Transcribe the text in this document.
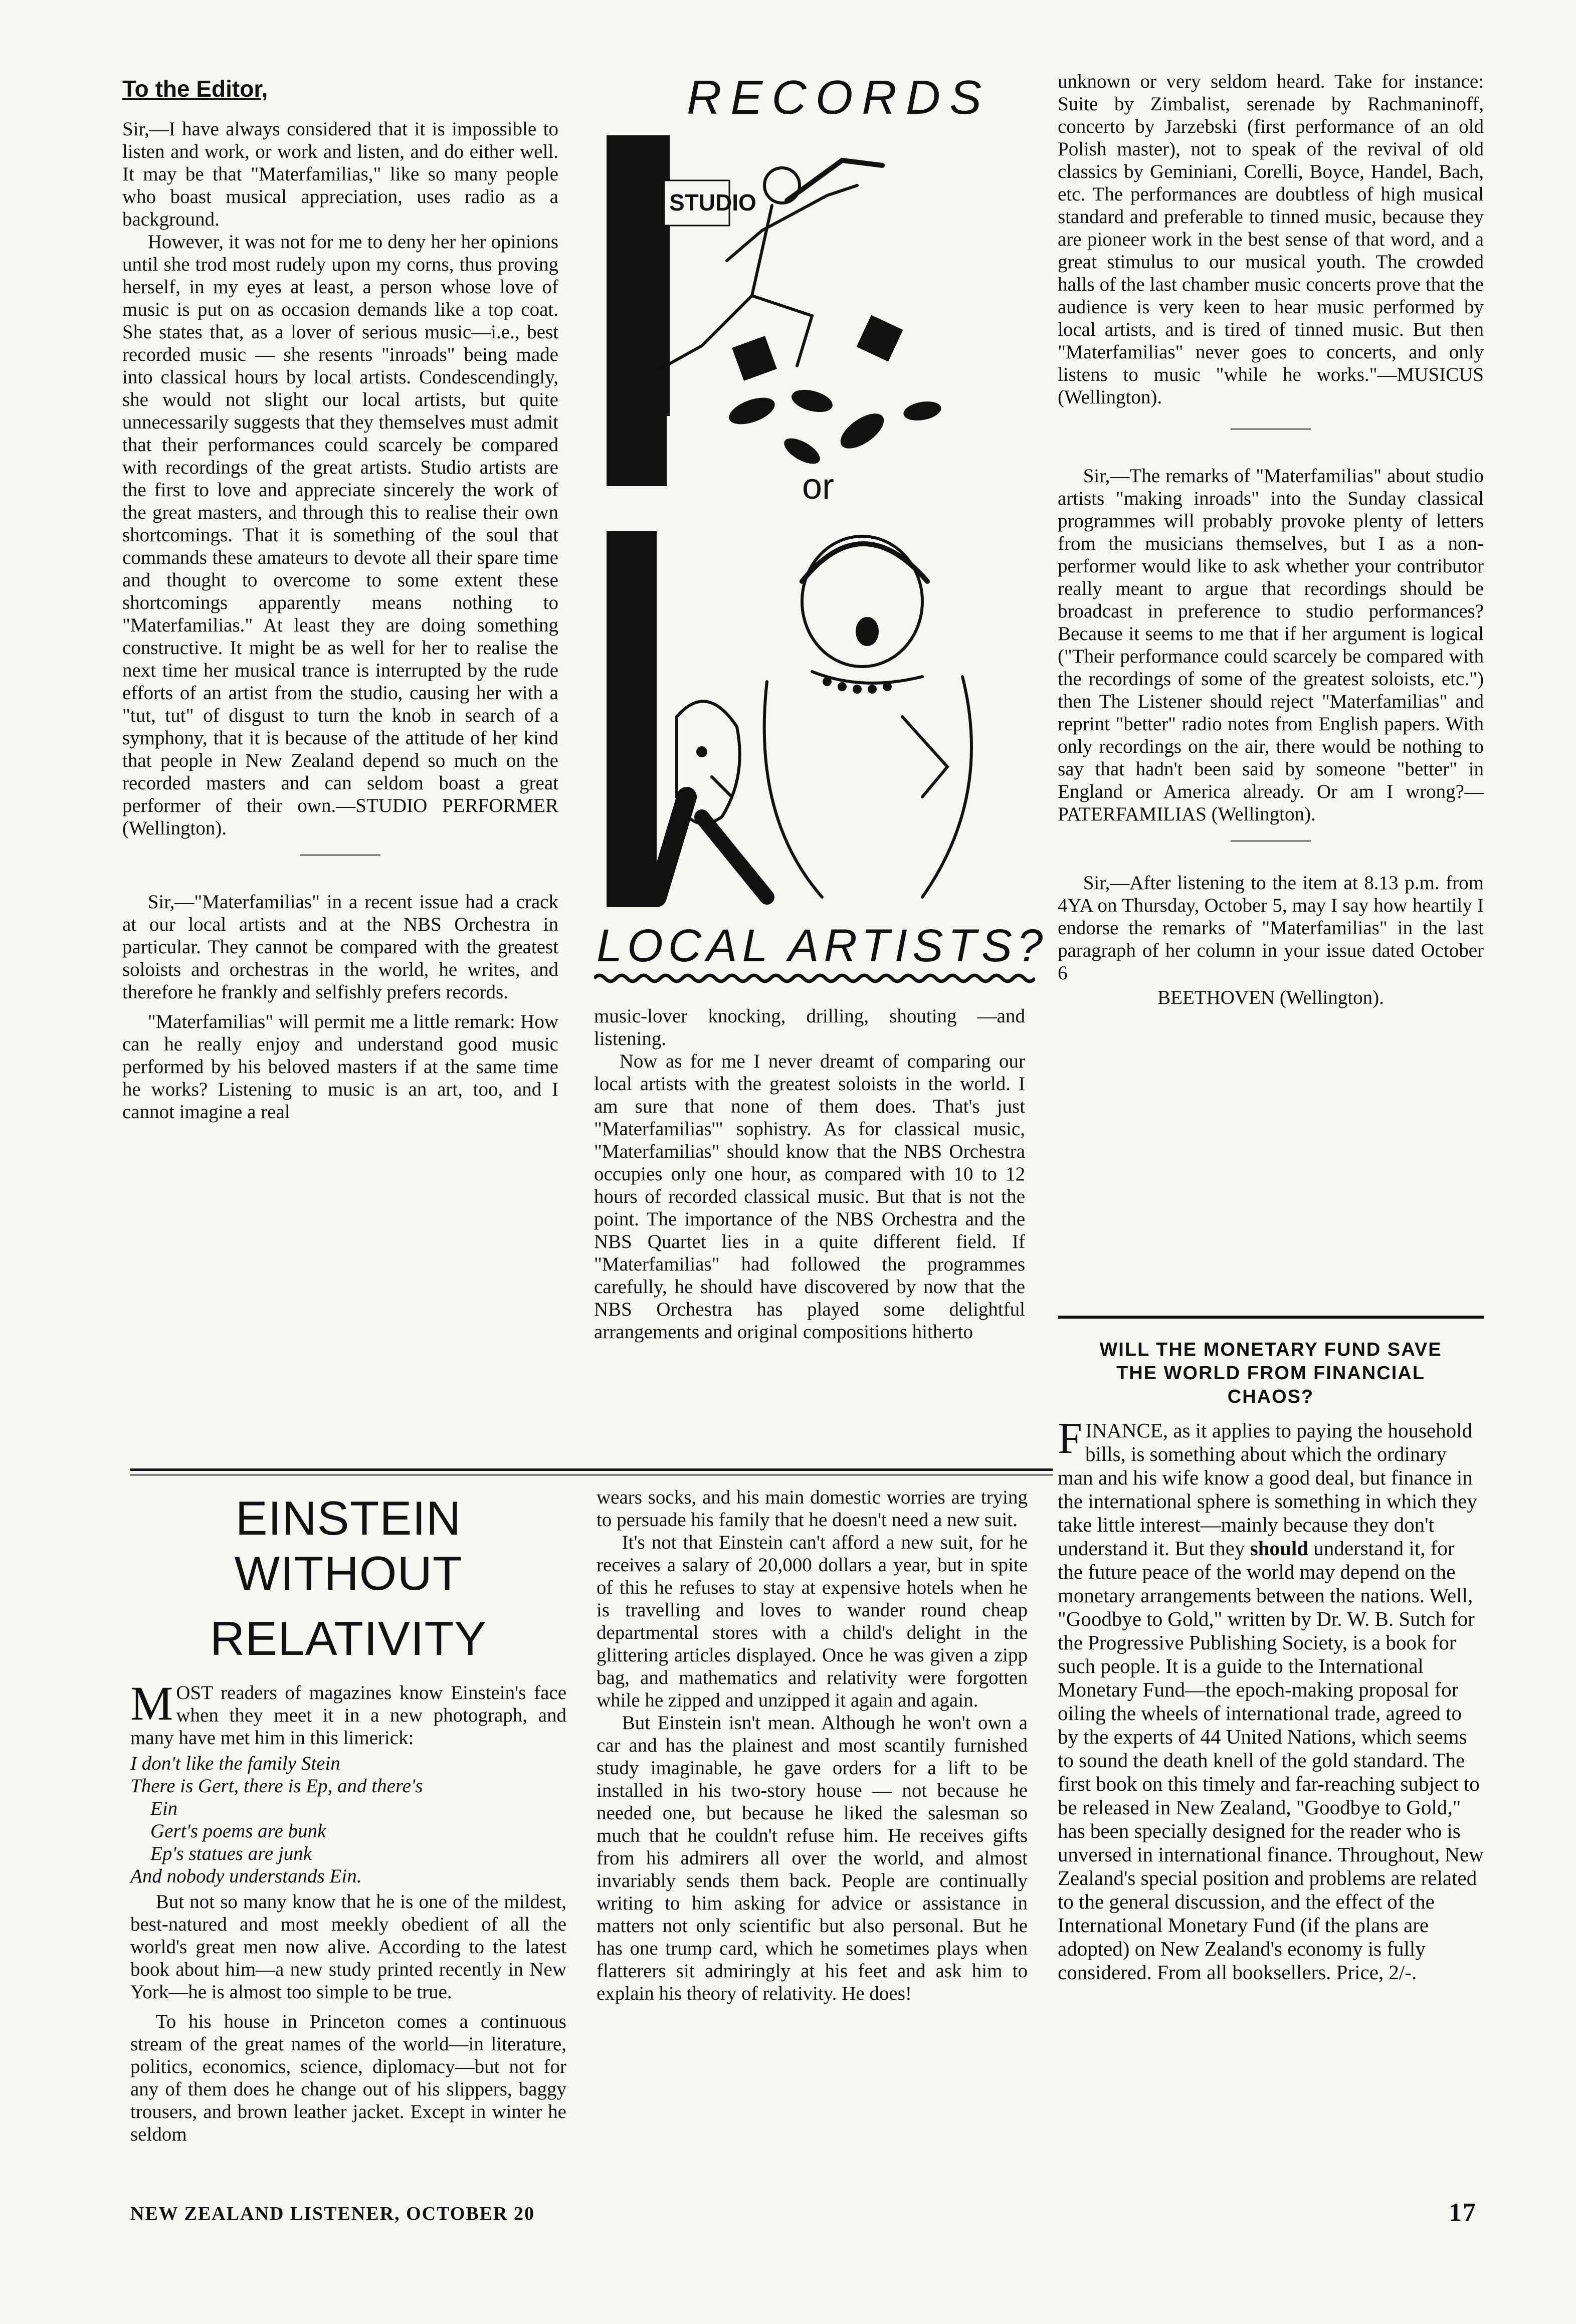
To the Editor,

Sir,—I have always considered that it is impossible to listen and work, or work and listen, and do either well. It may be that "Materfamilias," like so many people who boast musical appreciation, uses radio as a background.

However, it was not for me to deny her her opinions until she trod most rudely upon my corns, thus proving herself, in my eyes at least, a person whose love of music is put on as occasion demands like a top coat. She states that, as a lover of serious music—i.e., best recorded music — she resents "inroads" being made into classical hours by local artists. Condescendingly, she would not slight our local artists, but quite unnecessarily suggests that they themselves must admit that their performances could scarcely be compared with recordings of the great artists. Studio artists are the first to love and appreciate sincerely the work of the great masters, and through this to realise their own shortcomings. That it is something of the soul that commands these amateurs to devote all their spare time and thought to overcome to some extent these shortcomings apparently means nothing to "Materfamilias." At least they are doing something constructive. It might be as well for her to realise the next time her musical trance is interrupted by the rude efforts of an artist from the studio, causing her with a "tut, tut" of disgust to turn the knob in search of a symphony, that it is because of the attitude of her kind that people in New Zealand depend so much on the recorded masters and can seldom boast a great performer of their own.—STUDIO PERFORMER (Wellington).

Sir,—"Materfamilias" in a recent issue had a crack at our local artists and at the NBS Orchestra in particular. They cannot be compared with the greatest soloists and orchestras in the world, he writes, and therefore he frankly and selfishly prefers records.

"Materfamilias" will permit me a little remark: How can he really enjoy and understand good music performed by his beloved masters if at the same time he works? Listening to music is an art, too, and I cannot imagine a real

RECORDS
STUDIO
or
LOCAL ARTISTS?

music-lover knocking, drilling, shouting —and listening.

Now as for me I never dreamt of comparing our local artists with the greatest soloists in the world. I am sure that none of them does. That's just "Materfamilias'" sophistry. As for classical music, "Materfamilias" should know that the NBS Orchestra occupies only one hour, as compared with 10 to 12 hours of recorded classical music. But that is not the point. The importance of the NBS Orchestra and the NBS Quartet lies in a quite different field. If "Materfamilias" had followed the programmes carefully, he should have discovered by now that the NBS Orchestra has played some delightful arrangements and original compositions hitherto

unknown or very seldom heard. Take for instance: Suite by Zimbalist, serenade by Rachmaninoff, concerto by Jarzebski (first performance of an old Polish master), not to speak of the revival of old classics by Geminiani, Corelli, Boyce, Handel, Bach, etc. The performances are doubtless of high musical standard and preferable to tinned music, because they are pioneer work in the best sense of that word, and a great stimulus to our musical youth. The crowded halls of the last chamber music concerts prove that the audience is very keen to hear music performed by local artists, and is tired of tinned music. But then "Materfamilias" never goes to concerts, and only listens to music "while he works."—MUSICUS (Wellington).

Sir,—The remarks of "Materfamilias" about studio artists "making inroads" into the Sunday classical programmes will probably provoke plenty of letters from the musicians themselves, but I as a non-performer would like to ask whether your contributor really meant to argue that recordings should be broadcast in preference to studio performances? Because it seems to me that if her argument is logical ("Their performance could scarcely be compared with the recordings of some of the greatest soloists, etc.") then The Listener should reject "Materfamilias" and reprint "better" radio notes from English papers. With only recordings on the air, there would be nothing to say that hadn't been said by someone "better" in England or America already. Or am I wrong?—PATERFAMILIAS (Wellington).

Sir,—After listening to the item at 8.13 p.m. from 4YA on Thursday, October 5, may I say how heartily I endorse the remarks of "Materfamilias" in the last paragraph of her column in your issue dated October 6

BEETHOVEN (Wellington).

EINSTEIN WITHOUT
RELATIVITY

MOST readers of magazines know Einstein's face when they meet it in a new photograph, and many have met him in this limerick:

I don't like the family Stein
There is Gert, there is Ep, and there's
Ein
Gert's poems are bunk
Ep's statues are junk
And nobody understands Ein.

But not so many know that he is one of the mildest, best-natured and most meekly obedient of all the world's great men now alive. According to the latest book about him—a new study printed recently in New York—he is almost too simple to be true.

To his house in Princeton comes a continuous stream of the great names of the world—in literature, politics, economics, science, diplomacy—but not for any of them does he change out of his slippers, baggy trousers, and brown leather jacket. Except in winter he seldom

wears socks, and his main domestic worries are trying to persuade his family that he doesn't need a new suit.

It's not that Einstein can't afford a new suit, for he receives a salary of 20,000 dollars a year, but in spite of this he refuses to stay at expensive hotels when he is travelling and loves to wander round cheap departmental stores with a child's delight in the glittering articles displayed. Once he was given a zipp bag, and mathematics and relativity were forgotten while he zipped and unzipped it again and again.

But Einstein isn't mean. Although he won't own a car and has the plainest and most scantily furnished study imaginable, he gave orders for a lift to be installed in his two-story house — not because he needed one, but because he liked the salesman so much that he couldn't refuse him. He receives gifts from his admirers all over the world, and almost invariably sends them back. People are continually writing to him asking for advice or assistance in matters not only scientific but also personal. But he has one trump card, which he sometimes plays when flatterers sit admiringly at his feet and ask him to explain his theory of relativity. He does!

WILL THE MONETARY FUND SAVE THE WORLD FROM FINANCIAL CHAOS?

FINANCE, as it applies to paying the household bills, is something about which the ordinary man and his wife know a good deal, but finance in the international sphere is something in which they take little interest—mainly because they don't understand it. But they should understand it, for the future peace of the world may depend on the monetary arrangements between the nations. Well, "Goodbye to Gold," written by Dr. W. B. Sutch for the Progressive Publishing Society, is a book for such people. It is a guide to the International Monetary Fund—the epoch-making proposal for oiling the wheels of international trade, agreed to by the experts of 44 United Nations, which seems to sound the death knell of the gold standard. The first book on this timely and far-reaching subject to be released in New Zealand, "Goodbye to Gold," has been specially designed for the reader who is unversed in international finance. Throughout, New Zealand's special position and problems are related to the general discussion, and the effect of the International Monetary Fund (if the plans are adopted) on New Zealand's economy is fully considered. From all booksellers. Price, 2/-.

NEW ZEALAND LISTENER, OCTOBER 20	17
